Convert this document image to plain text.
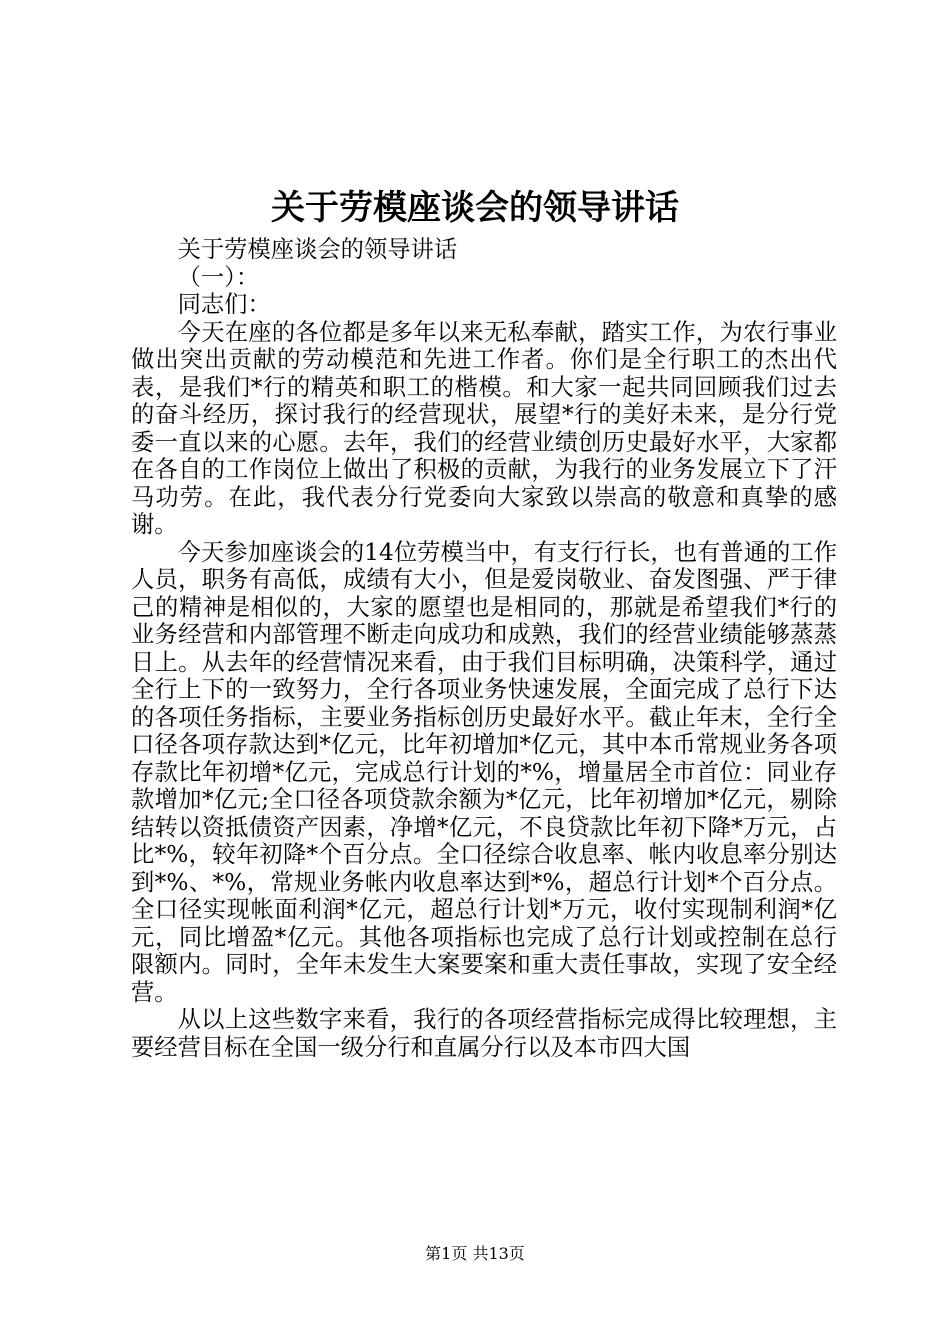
关于劳模座谈会的领导讲话

关于劳模座谈会的领导讲话

（一）：

同志们：

今天在座的各位都是多年以来无私奉献，踏实工作，为农行事业做出突出贡献的劳动模范和先进工作者。你们是全行职工的杰出代表，是我们*行的精英和职工的楷模。和大家一起共同回顾我们过去的奋斗经历，探讨我行的经营现状，展望*行的美好未来，是分行党委一直以来的心愿。去年，我们的经营业绩创历史最好水平，大家都在各自的工作岗位上做出了积极的贡献，为我行的业务发展立下了汗马功劳。在此，我代表分行党委向大家致以崇高的敬意和真挚的感谢。

今天参加座谈会的14位劳模当中，有支行行长，也有普通的工作人员，职务有高低，成绩有大小，但是爱岗敬业、奋发图强、严于律己的精神是相似的，大家的愿望也是相同的，那就是希望我们*行的业务经营和内部管理不断走向成功和成熟，我们的经营业绩能够蒸蒸日上。从去年的经营情况来看，由于我们目标明确，决策科学，通过全行上下的一致努力，全行各项业务快速发展，全面完成了总行下达的各项任务指标，主要业务指标创历史最好水平。截止年末，全行全口径各项存款达到*亿元，比年初增加*亿元，其中本币常规业务各项存款比年初增*亿元，完成总行计划的*%，增量居全市首位：同业存款增加*亿元;全口径各项贷款余额为*亿元，比年初增加*亿元，剔除结转以资抵债资产因素，净增*亿元，不良贷款比年初下降*万元，占比*%，较年初降*个百分点。全口径综合收息率、帐内收息率分别达到*%、*%，常规业务帐内收息率达到*%，超总行计划*个百分点。全口径实现帐面利润*亿元，超总行计划*万元，收付实现制利润*亿元，同比增盈*亿元。其他各项指标也完成了总行计划或控制在总行限额内。同时，全年未发生大案要案和重大责任事故，实现了安全经营。

从以上这些数字来看，我行的各项经营指标完成得比较理想，主要经营目标在全国一级分行和直属分行以及本市四大国

第1页 共13页
